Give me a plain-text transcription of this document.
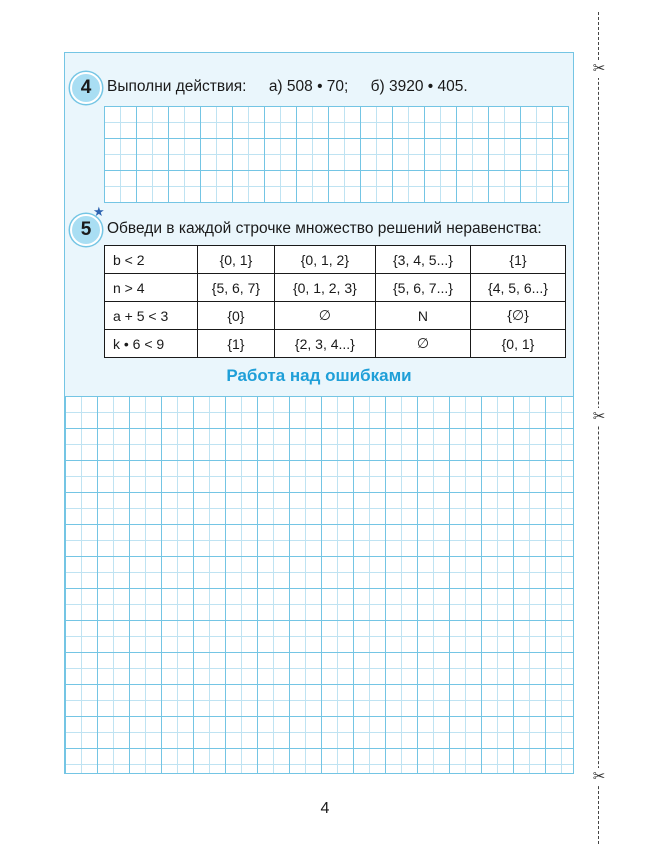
4	Выполни действия: а) 508 • 70; б) 3920 • 405.
5
★
Обведи в каждой строчке множество решений неравенства:
b < 2	{0, 1}	{0, 1, 2}	{3, 4, 5...}	{1}
n > 4	{5, 6, 7}	{0, 1, 2, 3}	{5, 6, 7...}	{4, 5, 6...}
a + 5 < 3	{0}	∅	N	{∅}
k • 6 < 9	{1}	{2, 3, 4...}	∅	{0, 1}
Работа над ошибками
4
✂
✂
✂
